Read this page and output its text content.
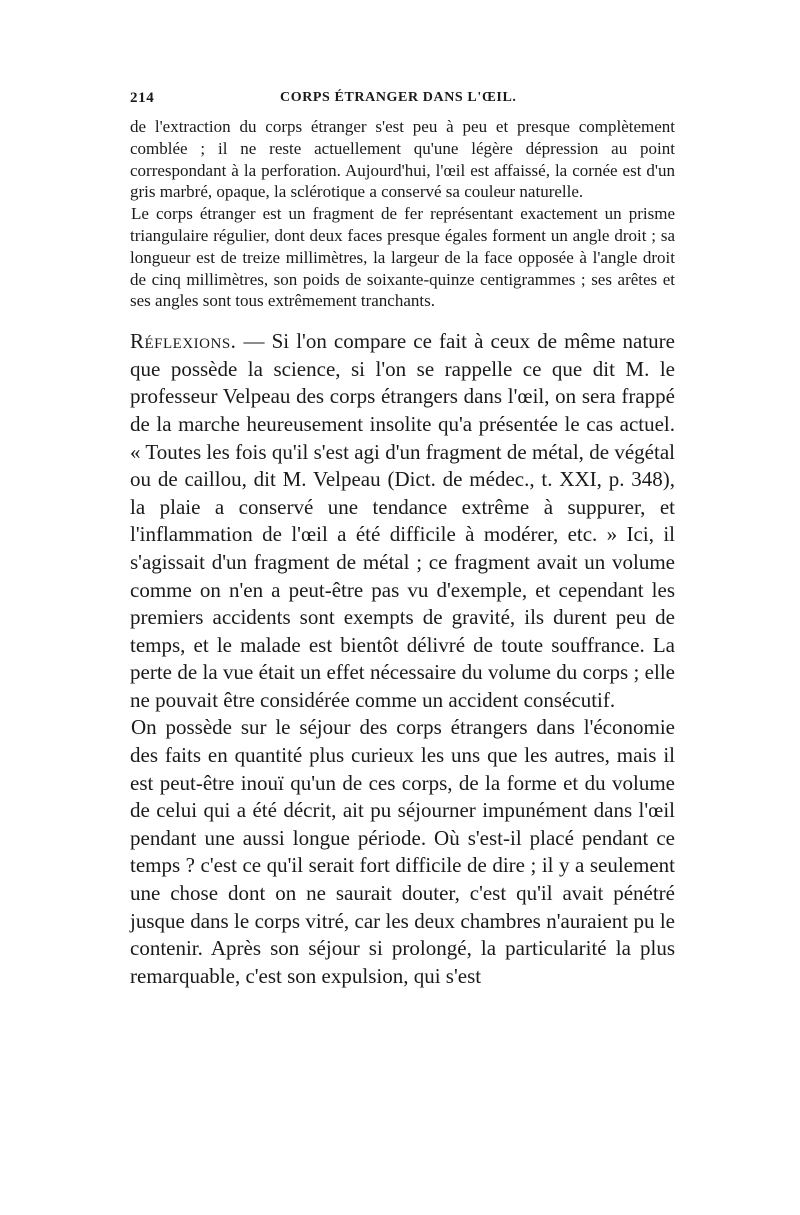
214	CORPS ÉTRANGER DANS L'ŒIL.

de l'extraction du corps étranger s'est peu à peu et presque complètement comblée ; il ne reste actuellement qu'une légère dépression au point correspondant à la perforation. Aujourd'hui, l'œil est affaissé, la cornée est d'un gris marbré, opaque, la sclérotique a conservé sa couleur naturelle.

Le corps étranger est un fragment de fer représentant exactement un prisme triangulaire régulier, dont deux faces presque égales forment un angle droit ; sa longueur est de treize millimètres, la largeur de la face opposée à l'angle droit de cinq millimètres, son poids de soixante-quinze centigrammes ; ses arêtes et ses angles sont tous extrêmement tranchants.

Réflexions. — Si l'on compare ce fait à ceux de même nature que possède la science, si l'on se rappelle ce que dit M. le professeur Velpeau des corps étrangers dans l'œil, on sera frappé de la marche heureusement insolite qu'a présentée le cas actuel. « Toutes les fois qu'il s'est agi d'un fragment de métal, de végétal ou de caillou, dit M. Velpeau (Dict. de médec., t. XXI, p. 348), la plaie a conservé une tendance extrême à suppurer, et l'inflammation de l'œil a été difficile à modérer, etc. » Ici, il s'agissait d'un fragment de métal ; ce fragment avait un volume comme on n'en a peut-être pas vu d'exemple, et cependant les premiers accidents sont exempts de gravité, ils durent peu de temps, et le malade est bientôt délivré de toute souffrance. La perte de la vue était un effet nécessaire du volume du corps ; elle ne pouvait être considérée comme un accident consécutif.

On possède sur le séjour des corps étrangers dans l'économie des faits en quantité plus curieux les uns que les autres, mais il est peut-être inouï qu'un de ces corps, de la forme et du volume de celui qui a été décrit, ait pu séjourner impunément dans l'œil pendant une aussi longue période. Où s'est-il placé pendant ce temps ? c'est ce qu'il serait fort difficile de dire ; il y a seulement une chose dont on ne saurait douter, c'est qu'il avait pénétré jusque dans le corps vitré, car les deux chambres n'auraient pu le contenir. Après son séjour si prolongé, la particularité la plus remarquable, c'est son expulsion, qui s'est
